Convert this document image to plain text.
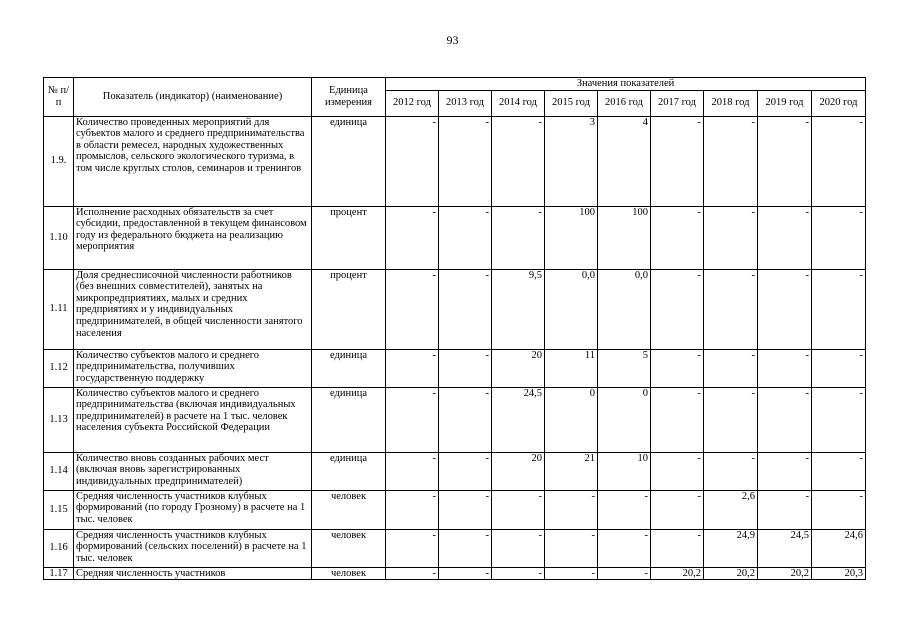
93
№ п/п	Показатель (индикатор) (наименование)	Единица измерения	Значения показателей								
			2012 год	2013 год	2014 год	2015 год	2016 год	2017 год	2018 год	2019 год	2020 год
1.9.	Количество проведенных мероприятий для субъектов малого и среднего предпринимательства в области ремесел, народных художественных промыслов, сельского экологического туризма, в том числе круглых столов, семинаров и тренингов	единица	-	-	-	3	4	-	-	-	-
1.10	Исполнение расходных обязательств за счет субсидии, предоставленной в текущем финансовом году из федерального бюджета на реализацию мероприятия	процент	-	-	-	100	100	-	-	-	-
1.11	Доля среднесписочной численности работников (без внешних совместителей), занятых на микропредприятиях, малых и средних предприятиях и у индивидуальных предпринимателей, в общей численности занятого населения	процент	-	-	9,5	0,0	0,0	-	-	-	-
1.12	Количество субъектов малого и среднего предпринимательства, получивших государственную поддержку	единица	-	-	20	11	5	-	-	-	-
1.13	Количество субъектов малого и среднего предпринимательства (включая индивидуальных предпринимателей) в расчете на 1 тыс. человек населения субъекта Российской Федерации	единица	-	-	24,5	0	0	-	-	-	-
1.14	Количество вновь созданных рабочих мест (включая вновь зарегистрированных индивидуальных предпринимателей)	единица	-	-	20	21	10	-	-	-	-
1.15	Средняя численность участников клубных формирований (по городу Грозному) в расчете на 1 тыс. человек	человек	-	-	-	-	-	-	2,6	-	-
1.16	Средняя численность участников клубных формирований (сельских поселений) в расчете на 1 тыс. человек	человек	-	-	-	-	-	-	24,9	24,5	24,6
1.17	Средняя численность участников	человек	-	-	-	-	-	20,2	20,2	20,2	20,3
